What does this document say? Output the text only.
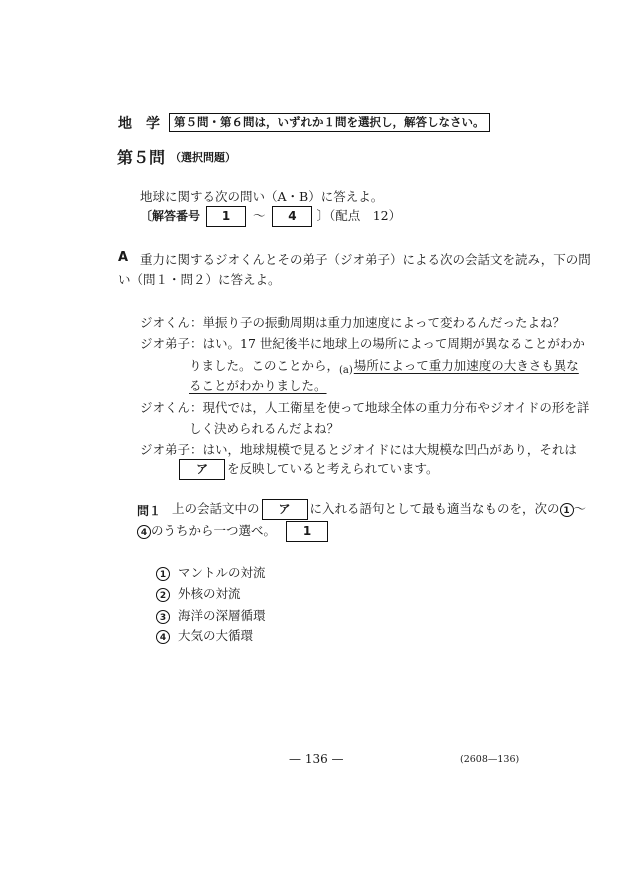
地　学	第５問・第６問は，いずれか１問を選択し，解答しなさい。
第５問 （選択問題）
地球に関する次の問い（A・B）に答えよ。
〔解答番号 1 ～ 4 〕（配点　12）
A 重力に関するジオくんとその弟子（ジオ弟子）による次の会話文を読み，下の問
い（問１・問２）に答えよ。
ジオくん：単振り子の振動周期は重力加速度によって変わるんだったよね？
ジオ弟子：はい。17 世紀後半に地球上の場所によって周期が異なることがわか
りました。このことから，$_{(a)}$場所によって重力加速度の大きさも異な
ることがわかりました。
ジオくん：現代では，人工衛星を使って地球全体の重力分布やジオイドの形を詳
しく決められるんだよね？
ジオ弟子：はい，地球規模で見るとジオイドには大規模な凹凸があり，それは
ア を反映していると考えられています。
問１ 上の会話文中の ア に入れる語句として最も適当なものを，次の 1 ～
4 のうちから一つ選べ。 1
1 マントルの対流
2 外核の対流
3 海洋の深層循環
4 大気の大循環
— 136 —	(2608—136)
